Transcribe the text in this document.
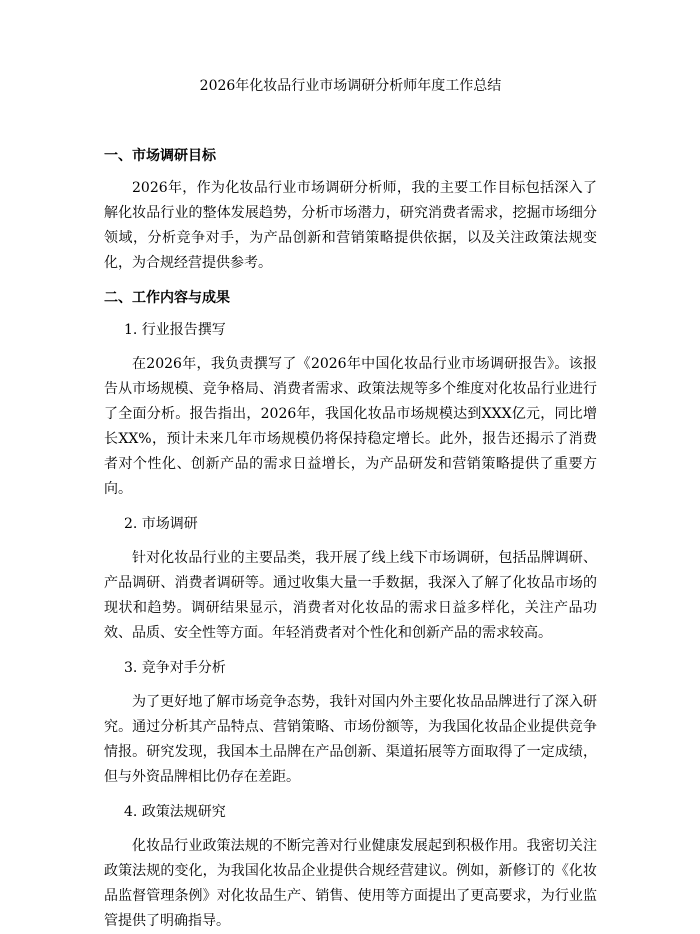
2026年化妆品行业市场调研分析师年度工作总结
一、市场调研目标

2026年，作为化妆品行业市场调研分析师，我的主要工作目标包括深入了解化妆品行业的整体发展趋势，分析市场潜力，研究消费者需求，挖掘市场细分领域，分析竞争对手，为产品创新和营销策略提供依据，以及关注政策法规变化，为合规经营提供参考。

二、工作内容与成果
1. 行业报告撰写

在2026年，我负责撰写了《2026年中国化妆品行业市场调研报告》。该报告从市场规模、竞争格局、消费者需求、政策法规等多个维度对化妆品行业进行了全面分析。报告指出，2026年，我国化妆品市场规模达到XXX亿元，同比增长XX%，预计未来几年市场规模仍将保持稳定增长。此外，报告还揭示了消费者对个性化、创新产品的需求日益增长，为产品研发和营销策略提供了重要方向。

2. 市场调研

针对化妆品行业的主要品类，我开展了线上线下市场调研，包括品牌调研、产品调研、消费者调研等。通过收集大量一手数据，我深入了解了化妆品市场的现状和趋势。调研结果显示，消费者对化妆品的需求日益多样化，关注产品功效、品质、安全性等方面。年轻消费者对个性化和创新产品的需求较高。

3. 竞争对手分析

为了更好地了解市场竞争态势，我针对国内外主要化妆品品牌进行了深入研究。通过分析其产品特点、营销策略、市场份额等，为我国化妆品企业提供竞争情报。研究发现，我国本土品牌在产品创新、渠道拓展等方面取得了一定成绩，但与外资品牌相比仍存在差距。

4. 政策法规研究

化妆品行业政策法规的不断完善对行业健康发展起到积极作用。我密切关注政策法规的变化，为我国化妆品企业提供合规经营建议。例如，新修订的《化妆品监督管理条例》对化妆品生产、销售、使用等方面提出了更高要求，为行业监管提供了明确指导。
